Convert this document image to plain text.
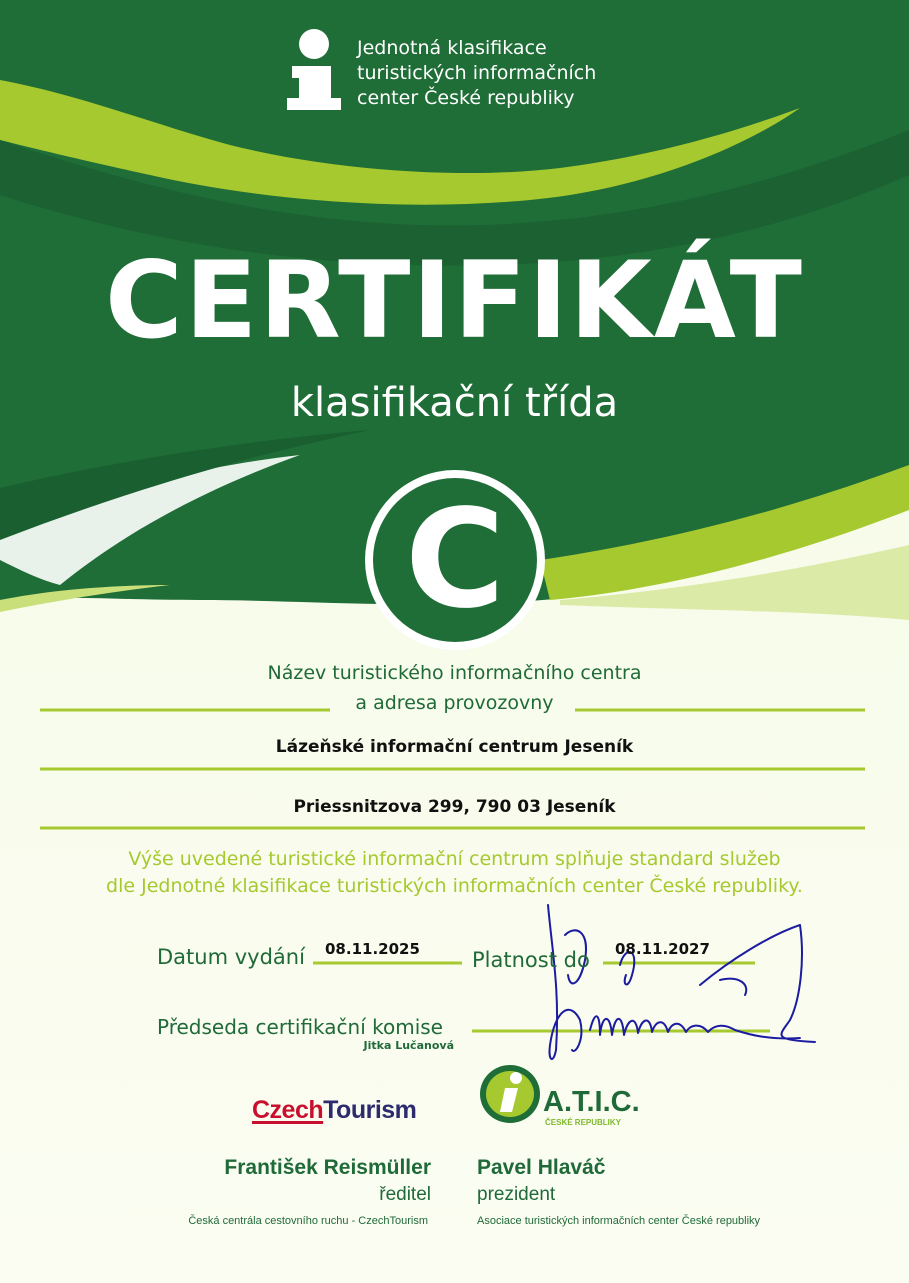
Jednotná klasifikace
turistických informačních
center České republiky
CERTIFIKÁT
klasifikační třída
C
Název turistického informačního centra
a adresa provozovny
Lázeňské informační centrum Jeseník
Priessnitzova 299, 790 03 Jeseník
Výše uvedené turistické informační centrum splňuje standard služeb
dle Jednotné klasifikace turistických informačních center České republiky.
Datum vydání 08.11.2025 Platnost do 08.11.2027
Předseda certifikační komise
Jitka Lučanová
CzechTourism
František Reismüller
ředitel
Česká centrála cestovního ruchu - CzechTourism
A.T.I.C.
ČESKÉ REPUBLIKY
Pavel Hlaváč
prezident
Asociace turistických informačních center České republiky
